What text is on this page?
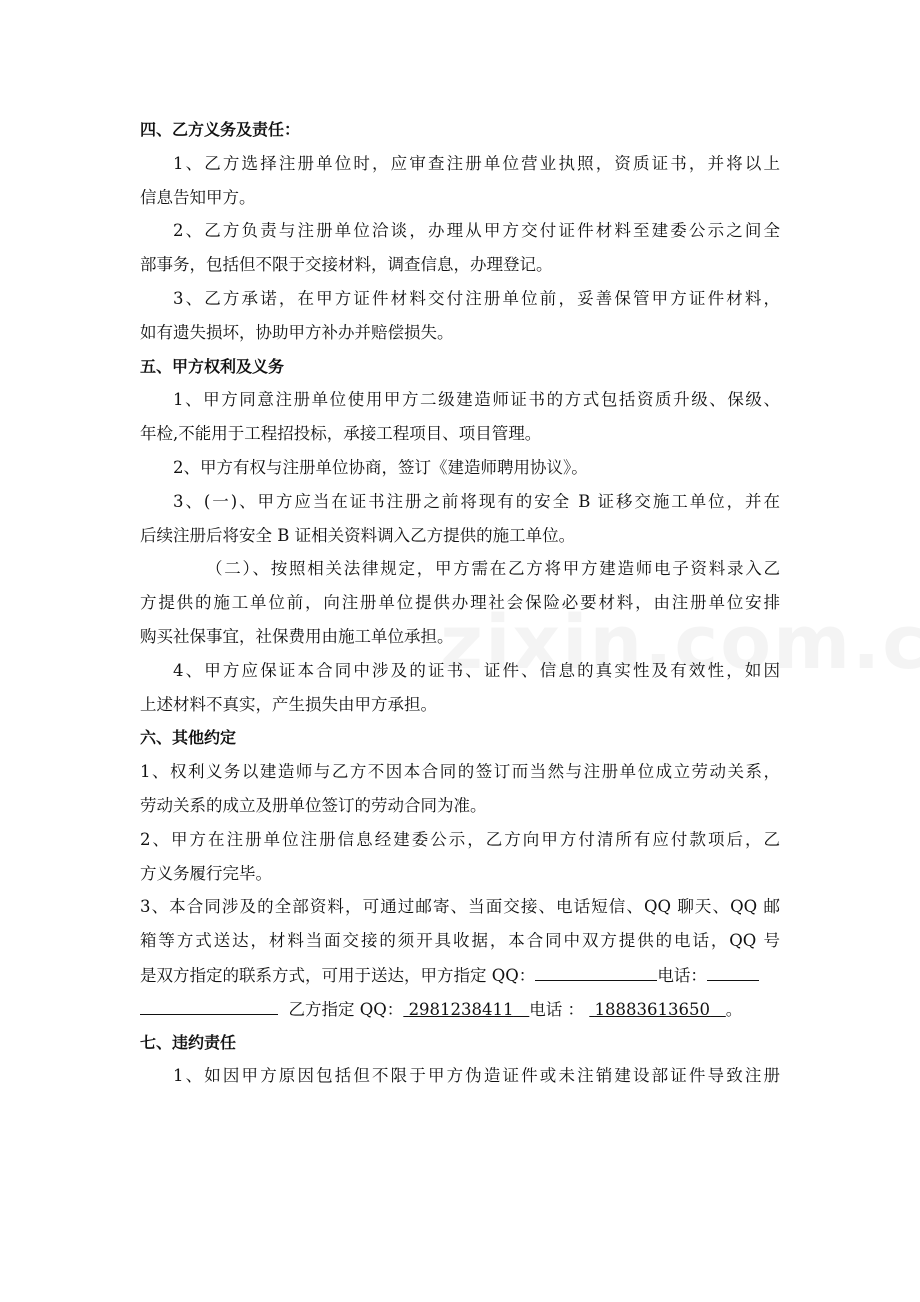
四、乙方义务及责任：
1、乙方选择注册单位时，应审查注册单位营业执照，资质证书，并将以上
信息告知甲方。
2、乙方负责与注册单位洽谈，办理从甲方交付证件材料至建委公示之间全
部事务，包括但不限于交接材料，调查信息，办理登记。
3、乙方承诺，在甲方证件材料交付注册单位前，妥善保管甲方证件材料，
如有遗失损坏，协助甲方补办并赔偿损失。
五、甲方权利及义务
1、甲方同意注册单位使用甲方二级建造师证书的方式包括资质升级、保级、
年检,不能用于工程招投标，承接工程项目、项目管理。
2、甲方有权与注册单位协商，签订《建造师聘用协议》。
3、(一)、甲方应当在证书注册之前将现有的安全 B 证移交施工单位，并在
后续注册后将安全 B 证相关资料调入乙方提供的施工单位。
（二）、按照相关法律规定，甲方需在乙方将甲方建造师电子资料录入乙
方提供的施工单位前，向注册单位提供办理社会保险必要材料，由注册单位安排
购买社保事宜，社保费用由施工单位承担。
4、甲方应保证本合同中涉及的证书、证件、信息的真实性及有效性，如因
上述材料不真实，产生损失由甲方承担。
六、其他约定
1、权利义务以建造师与乙方不因本合同的签订而当然与注册单位成立劳动关系，
劳动关系的成立及册单位签订的劳动合同为准。
2、甲方在注册单位注册信息经建委公示，乙方向甲方付清所有应付款项后，乙
方义务履行完毕。
3、本合同涉及的全部资料，可通过邮寄、当面交接、电话短信、QQ 聊天、QQ 邮
箱等方式送达，材料当面交接的须开具收据，本合同中双方提供的电话，QQ 号
是双方指定的联系方式，可用于送达，甲方指定 QQ：	电话：
乙方指定 QQ： 2981238411 电话 ： 18883613650 。
七、违约责任
1、如因甲方原因包括但不限于甲方伪造证件或未注销建设部证件导致注册
